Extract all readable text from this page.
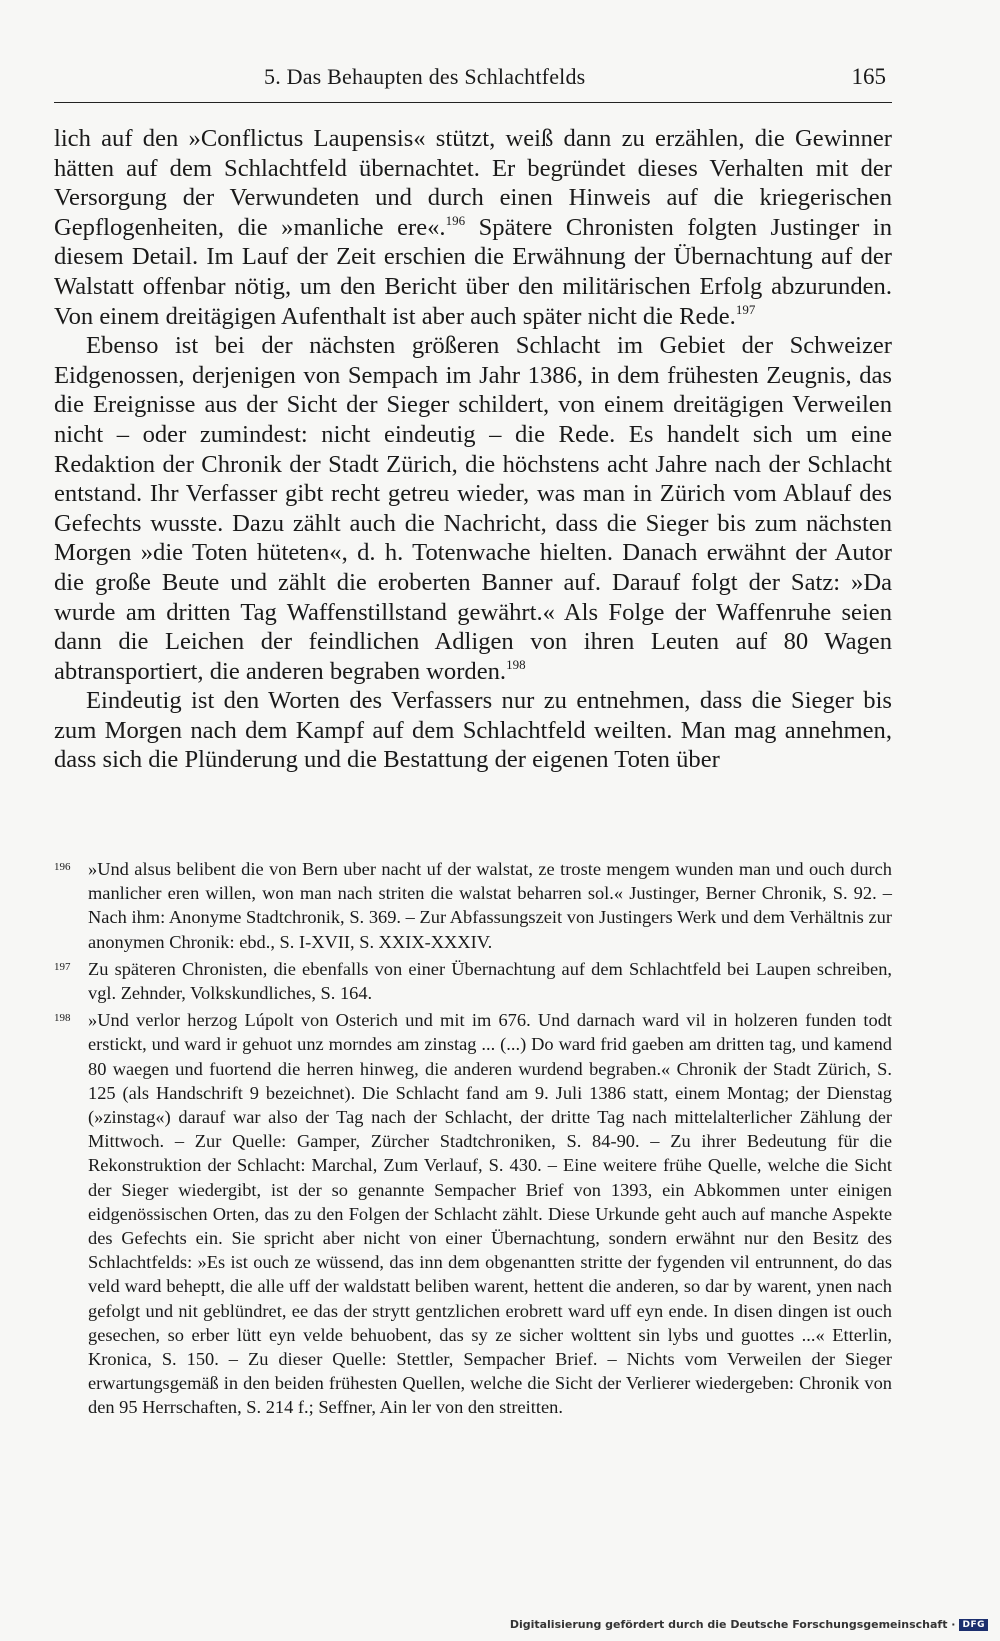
5. Das Behaupten des Schlachtfelds	165

lich auf den »Conflictus Laupensis« stützt, weiß dann zu erzählen, die Gewinner hätten auf dem Schlachtfeld übernachtet. Er begründet dieses Verhalten mit der Versorgung der Verwundeten und durch einen Hinweis auf die kriegerischen Gepflogenheiten, die »manliche ere«.$^{196}$ Spätere Chronisten folgten Justinger in diesem Detail. Im Lauf der Zeit erschien die Erwähnung der Übernachtung auf der Walstatt offenbar nötig, um den Bericht über den militärischen Erfolg abzurunden. Von einem dreitägigen Aufenthalt ist aber auch später nicht die Rede.$^{197}$

Ebenso ist bei der nächsten größeren Schlacht im Gebiet der Schweizer Eidgenossen, derjenigen von Sempach im Jahr 1386, in dem frühesten Zeugnis, das die Ereignisse aus der Sicht der Sieger schildert, von einem dreitägigen Verweilen nicht – oder zumindest: nicht eindeutig – die Rede. Es handelt sich um eine Redaktion der Chronik der Stadt Zürich, die höchstens acht Jahre nach der Schlacht entstand. Ihr Verfasser gibt recht getreu wieder, was man in Zürich vom Ablauf des Gefechts wusste. Dazu zählt auch die Nachricht, dass die Sieger bis zum nächsten Morgen »die Toten hüteten«, d. h. Totenwache hielten. Danach erwähnt der Autor die große Beute und zählt die eroberten Banner auf. Darauf folgt der Satz: »Da wurde am dritten Tag Waffenstillstand gewährt.« Als Folge der Waffenruhe seien dann die Leichen der feindlichen Adligen von ihren Leuten auf 80 Wagen abtransportiert, die anderen begraben worden.$^{198}$

Eindeutig ist den Worten des Verfassers nur zu entnehmen, dass die Sieger bis zum Morgen nach dem Kampf auf dem Schlachtfeld weilten. Man mag annehmen, dass sich die Plünderung und die Bestattung der eigenen Toten über

196 »Und alsus belibent die von Bern uber nacht uf der walstat, ze troste mengem wunden man und ouch durch manlicher eren willen, won man nach striten die walstat beharren sol.« Justinger, Berner Chronik, S. 92. – Nach ihm: Anonyme Stadtchronik, S. 369. – Zur Abfassungszeit von Justingers Werk und dem Verhältnis zur anonymen Chronik: ebd., S. I-XVII, S. XXIX-XXXIV.
197 Zu späteren Chronisten, die ebenfalls von einer Übernachtung auf dem Schlachtfeld bei Laupen schreiben, vgl. Zehnder, Volkskundliches, S. 164.
198 »Und verlor herzog Lúpolt von Osterich und mit im 676. Und darnach ward vil in holzeren funden todt erstickt, und ward ir gehuot unz morndes am zinstag ... (...) Do ward frid gaeben am dritten tag, und kamend 80 waegen und fuortend die herren hinweg, die anderen wurdend begraben.« Chronik der Stadt Zürich, S. 125 (als Handschrift 9 bezeichnet). Die Schlacht fand am 9. Juli 1386 statt, einem Montag; der Dienstag (»zinstag«) darauf war also der Tag nach der Schlacht, der dritte Tag nach mittelalterlicher Zählung der Mittwoch. – Zur Quelle: Gamper, Zürcher Stadtchroniken, S. 84-90. – Zu ihrer Bedeutung für die Rekonstruktion der Schlacht: Marchal, Zum Verlauf, S. 430. – Eine weitere frühe Quelle, welche die Sicht der Sieger wiedergibt, ist der so genannte Sempacher Brief von 1393, ein Abkommen unter einigen eidgenössischen Orten, das zu den Folgen der Schlacht zählt. Diese Urkunde geht auch auf manche Aspekte des Gefechts ein. Sie spricht aber nicht von einer Übernachtung, sondern erwähnt nur den Besitz des Schlachtfelds: »Es ist ouch ze wüssend, das inn dem obgenantten stritte der fygenden vil entrunnent, do das veld ward beheptt, die alle uff der waldstatt beliben warent, hettent die anderen, so dar by warent, ynen nach gefolgt und nit geblündret, ee das der strytt gentzlichen erobrett ward uff eyn ende. In disen dingen ist ouch gesechen, so erber lütt eyn velde behuobent, das sy ze sicher wolttent sin lybs und guottes ...« Etterlin, Kronica, S. 150. – Zu dieser Quelle: Stettler, Sempacher Brief. – Nichts vom Verweilen der Sieger erwartungsgemäß in den beiden frühesten Quellen, welche die Sicht der Verlierer wiedergeben: Chronik von den 95 Herrschaften, S. 214 f.; Seffner, Ain ler von den streitten.
Digitalisierung gefördert durch die Deutsche Forschungsgemeinschaft · DFG
